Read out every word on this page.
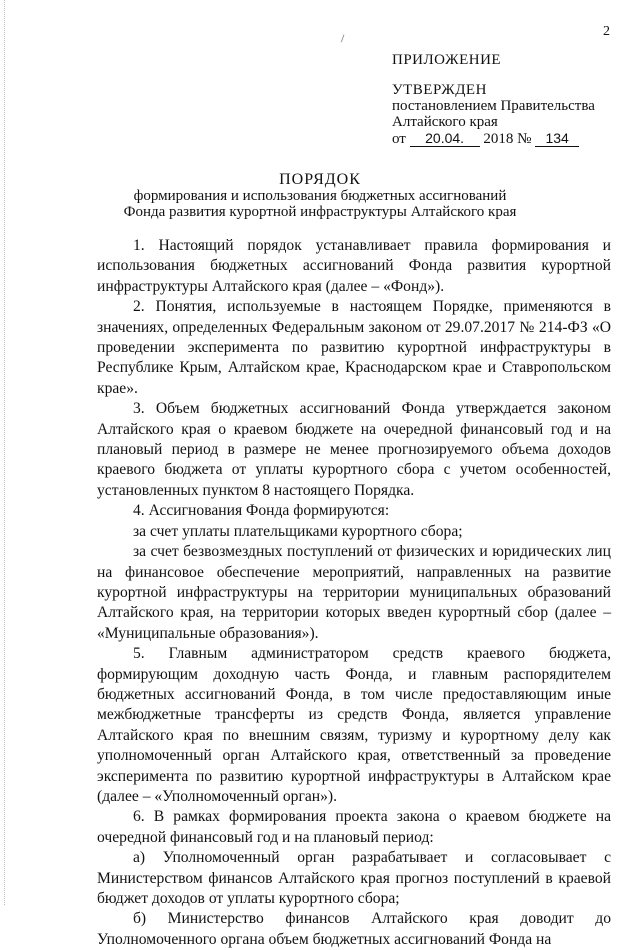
2
ПРИЛОЖЕНИЕ
УТВЕРЖДЕН
постановлением Правительства
Алтайского края
от 20.04. 2018 № 134
ПОРЯДОК
формирования и использования бюджетных ассигнований
Фонда развития курортной инфраструктуры Алтайского края

1. Настоящий порядок устанавливает правила формирования и использования бюджетных ассигнований Фонда развития курортной инфраструктуры Алтайского края (далее – «Фонд»).

2. Понятия, используемые в настоящем Порядке, применяются в значениях, определенных Федеральным законом от 29.07.2017 № 214-ФЗ «О проведении эксперимента по развитию курортной инфраструктуры в Республике Крым, Алтайском крае, Краснодарском крае и Ставропольском крае».

3. Объем бюджетных ассигнований Фонда утверждается законом Алтайского края о краевом бюджете на очередной финансовый год и на плановый период в размере не менее прогнозируемого объема доходов краевого бюджета от уплаты курортного сбора с учетом особенностей, установленных пунктом 8 настоящего Порядка.

4. Ассигнования Фонда формируются:

за счет уплаты плательщиками курортного сбора;

за счет безвозмездных поступлений от физических и юридических лиц на финансовое обеспечение мероприятий, направленных на развитие курортной инфраструктуры на территории муниципальных образований Алтайского края, на территории которых введен курортный сбор (далее – «Муниципальные образования»).

5. Главным администратором средств краевого бюджета, формирующим доходную часть Фонда, и главным распорядителем бюджетных ассигнований Фонда, в том числе предоставляющим иные межбюджетные трансферты из средств Фонда, является управление Алтайского края по внешним связям, туризму и курортному делу как уполномоченный орган Алтайского края, ответственный за проведение эксперимента по развитию курортной инфраструктуры в Алтайском крае (далее – «Уполномоченный орган»).

6. В рамках формирования проекта закона о краевом бюджете на очередной финансовый год и на плановый период:

а) Уполномоченный орган разрабатывает и согласовывает с Министерством финансов Алтайского края прогноз поступлений в краевой бюджет доходов от уплаты курортного сбора;

б) Министерство финансов Алтайского края доводит до Уполномоченного органа объем бюджетных ассигнований Фонда на
